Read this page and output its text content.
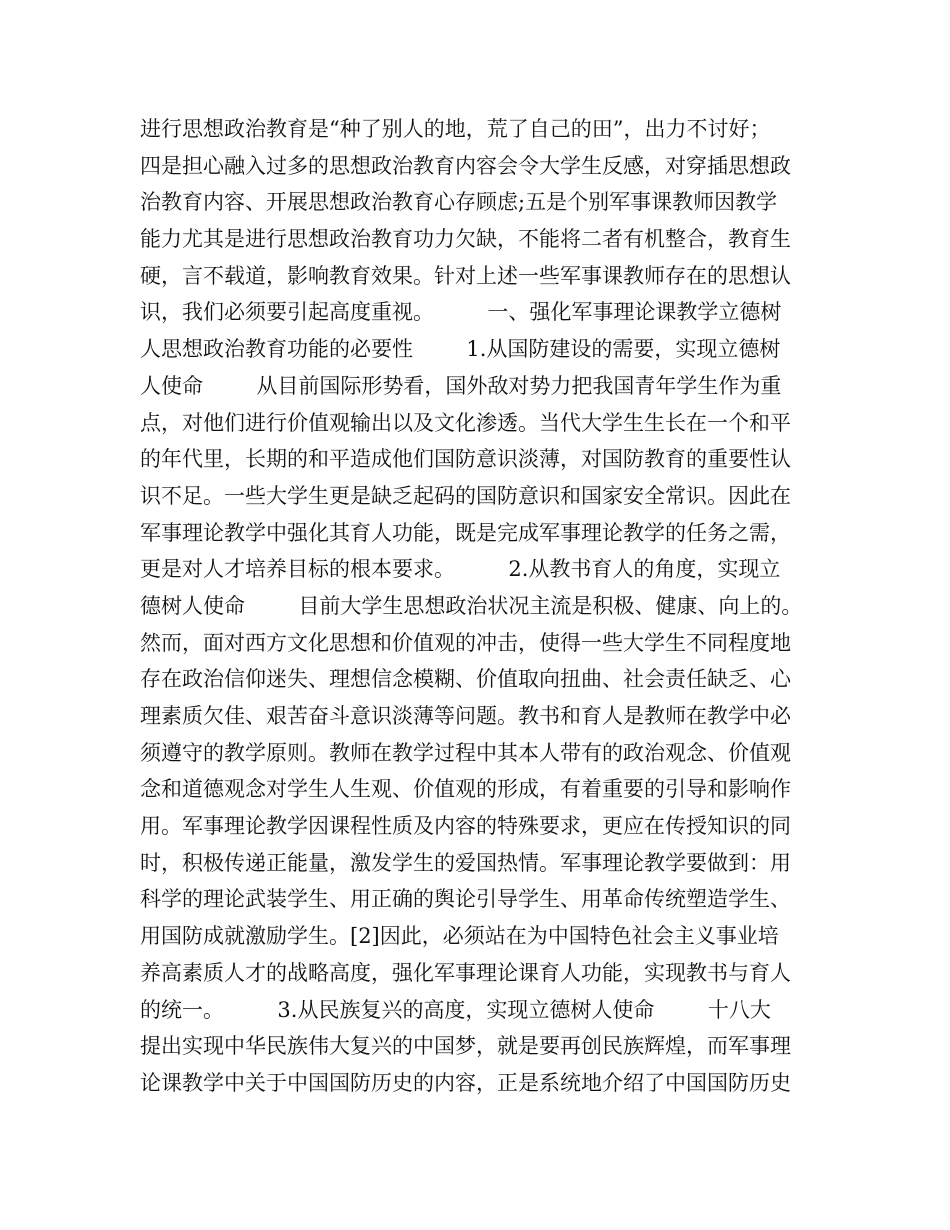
进行思想政治教育是“种了别人的地，荒了自己的田”，出力不讨好；
四是担心融入过多的思想政治教育内容会令大学生反感，对穿插思想政
治教育内容、开展思想政治教育心存顾虑;五是个别军事课教师因教学
能力尤其是进行思想政治教育功力欠缺，不能将二者有机整合，教育生
硬，言不载道，影响教育效果。针对上述一些军事课教师存在的思想认
识，我们必须要引起高度重视。        一、强化军事理论课教学立德树
人思想政治教育功能的必要性        1.从国防建设的需要，实现立德树
人使命        从目前国际形势看，国外敌对势力把我国青年学生作为重
点，对他们进行价值观输出以及文化渗透。当代大学生生长在一个和平
的年代里，长期的和平造成他们国防意识淡薄，对国防教育的重要性认
识不足。一些大学生更是缺乏起码的国防意识和国家安全常识。因此在
军事理论教学中强化其育人功能，既是完成军事理论教学的任务之需，
更是对人才培养目标的根本要求。        2.从教书育人的角度，实现立
德树人使命        目前大学生思想政治状况主流是积极、健康、向上的。
然而，面对西方文化思想和价值观的冲击，使得一些大学生不同程度地
存在政治信仰迷失、理想信念模糊、价值取向扭曲、社会责任缺乏、心
理素质欠佳、艰苦奋斗意识淡薄等问题。教书和育人是教师在教学中必
须遵守的教学原则。教师在教学过程中其本人带有的政治观念、价值观
念和道德观念对学生人生观、价值观的形成，有着重要的引导和影响作
用。军事理论教学因课程性质及内容的特殊要求，更应在传授知识的同
时，积极传递正能量，激发学生的爱国热情。军事理论教学要做到：用
科学的理论武装学生、用正确的舆论引导学生、用革命传统塑造学生、
用国防成就激励学生。[2]因此，必须站在为中国特色社会主义事业培
养高素质人才的战略高度，强化军事理论课育人功能，实现教书与育人
的统一。        3.从民族复兴的高度，实现立德树人使命        十八大
提出实现中华民族伟大复兴的中国梦，就是要再创民族辉煌，而军事理
论课教学中关于中国国防历史的内容，正是系统地介绍了中国国防历史
